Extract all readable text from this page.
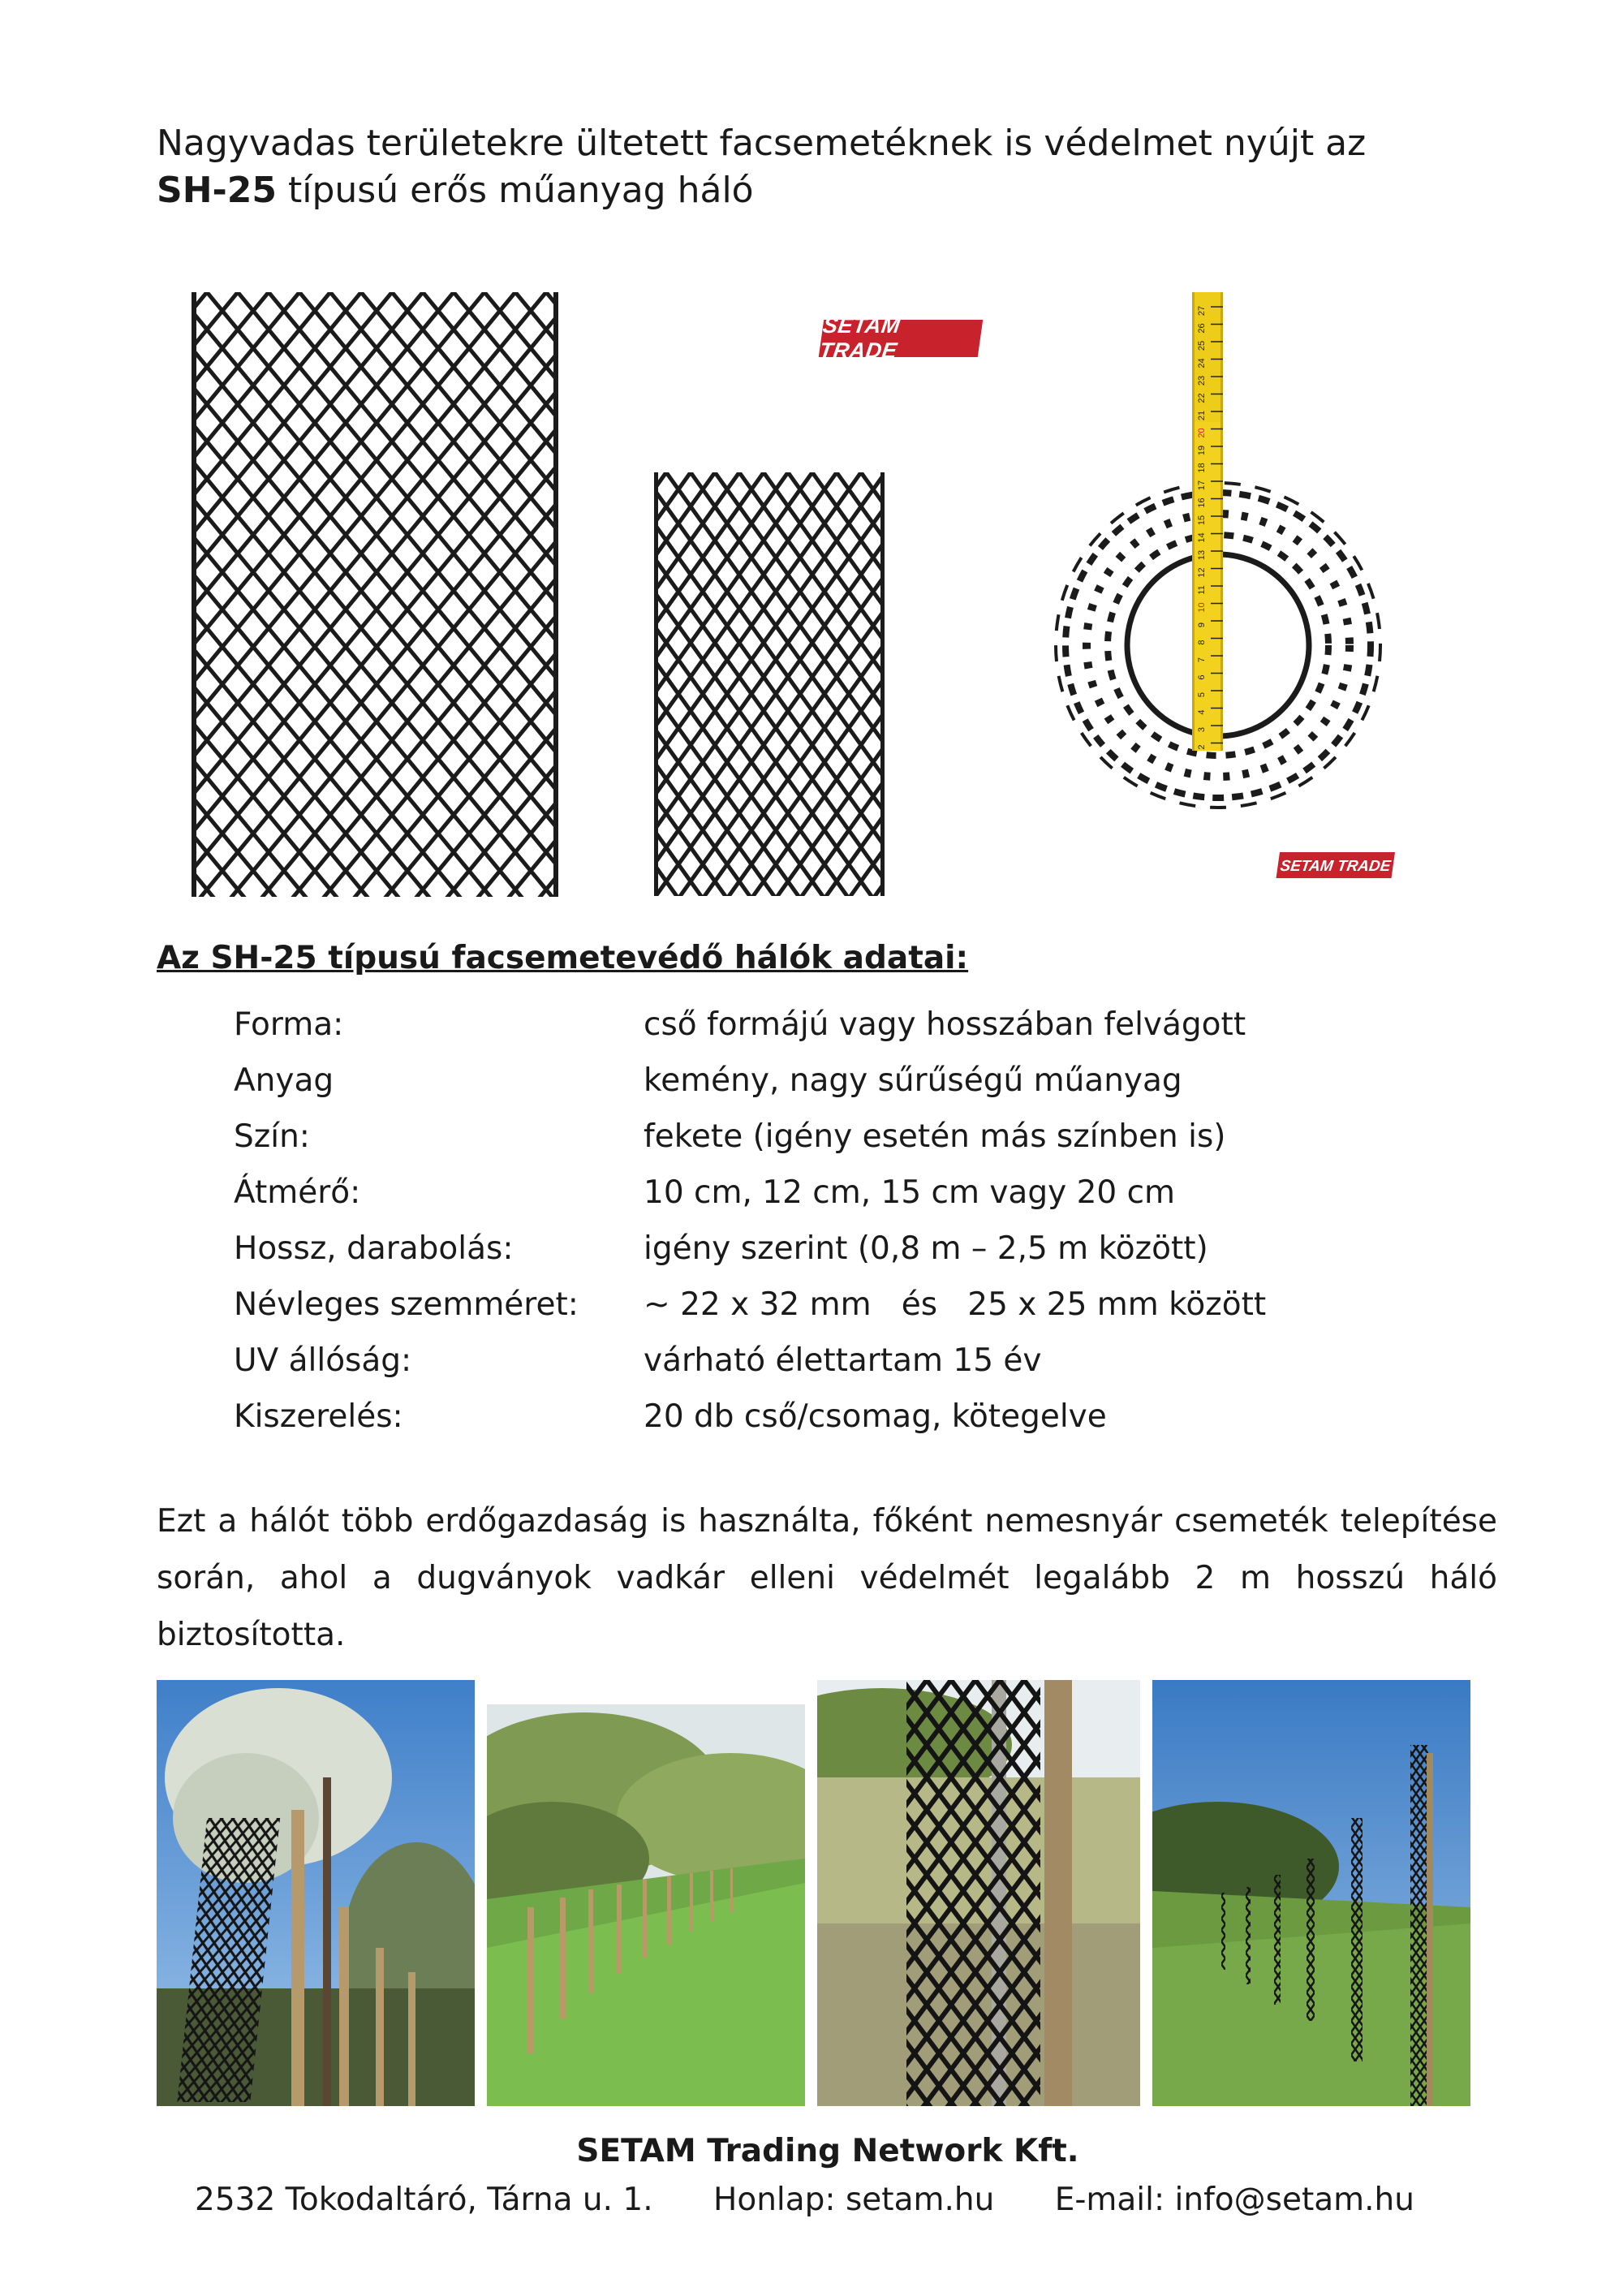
Nagyvadas területekre ültetett facsemetéknek is védelmet nyújt az
SH-25 típusú erős műanyag háló
SETAM TRADE
27
26
25
24
23
22
21
20
19
18
17
16
15
14
13
12
11
10
9
8
7
6
5
4
3
2
SETAM TRADE
Az SH-25 típusú facsemetevédő hálók adatai:
Forma:	cső formájú vagy hosszában felvágott
Anyag	kemény, nagy sűrűségű műanyag
Szín:	fekete (igény esetén más színben is)
Átmérő:	10 cm, 12 cm, 15 cm vagy 20 cm
Hossz, darabolás:	igény szerint (0,8 m – 2,5 m között)
Névleges szemméret: ~ 22 x 32 mm   és   25 x 25 mm között
UV állóság:	várható élettartam 15 év
Kiszerelés:	20 db cső/csomag, kötegelve
Ezt a hálót több erdőgazdaság is használta, főként nemesnyár csemeték telepítése során, ahol a dugványok vadkár elleni védelmét legalább 2 m hosszú háló biztosította.
SETAM Trading Network Kft.
2532 Tokodaltáró, Tárna u. 1. Honlap: setam.hu E-mail: info@setam.hu
